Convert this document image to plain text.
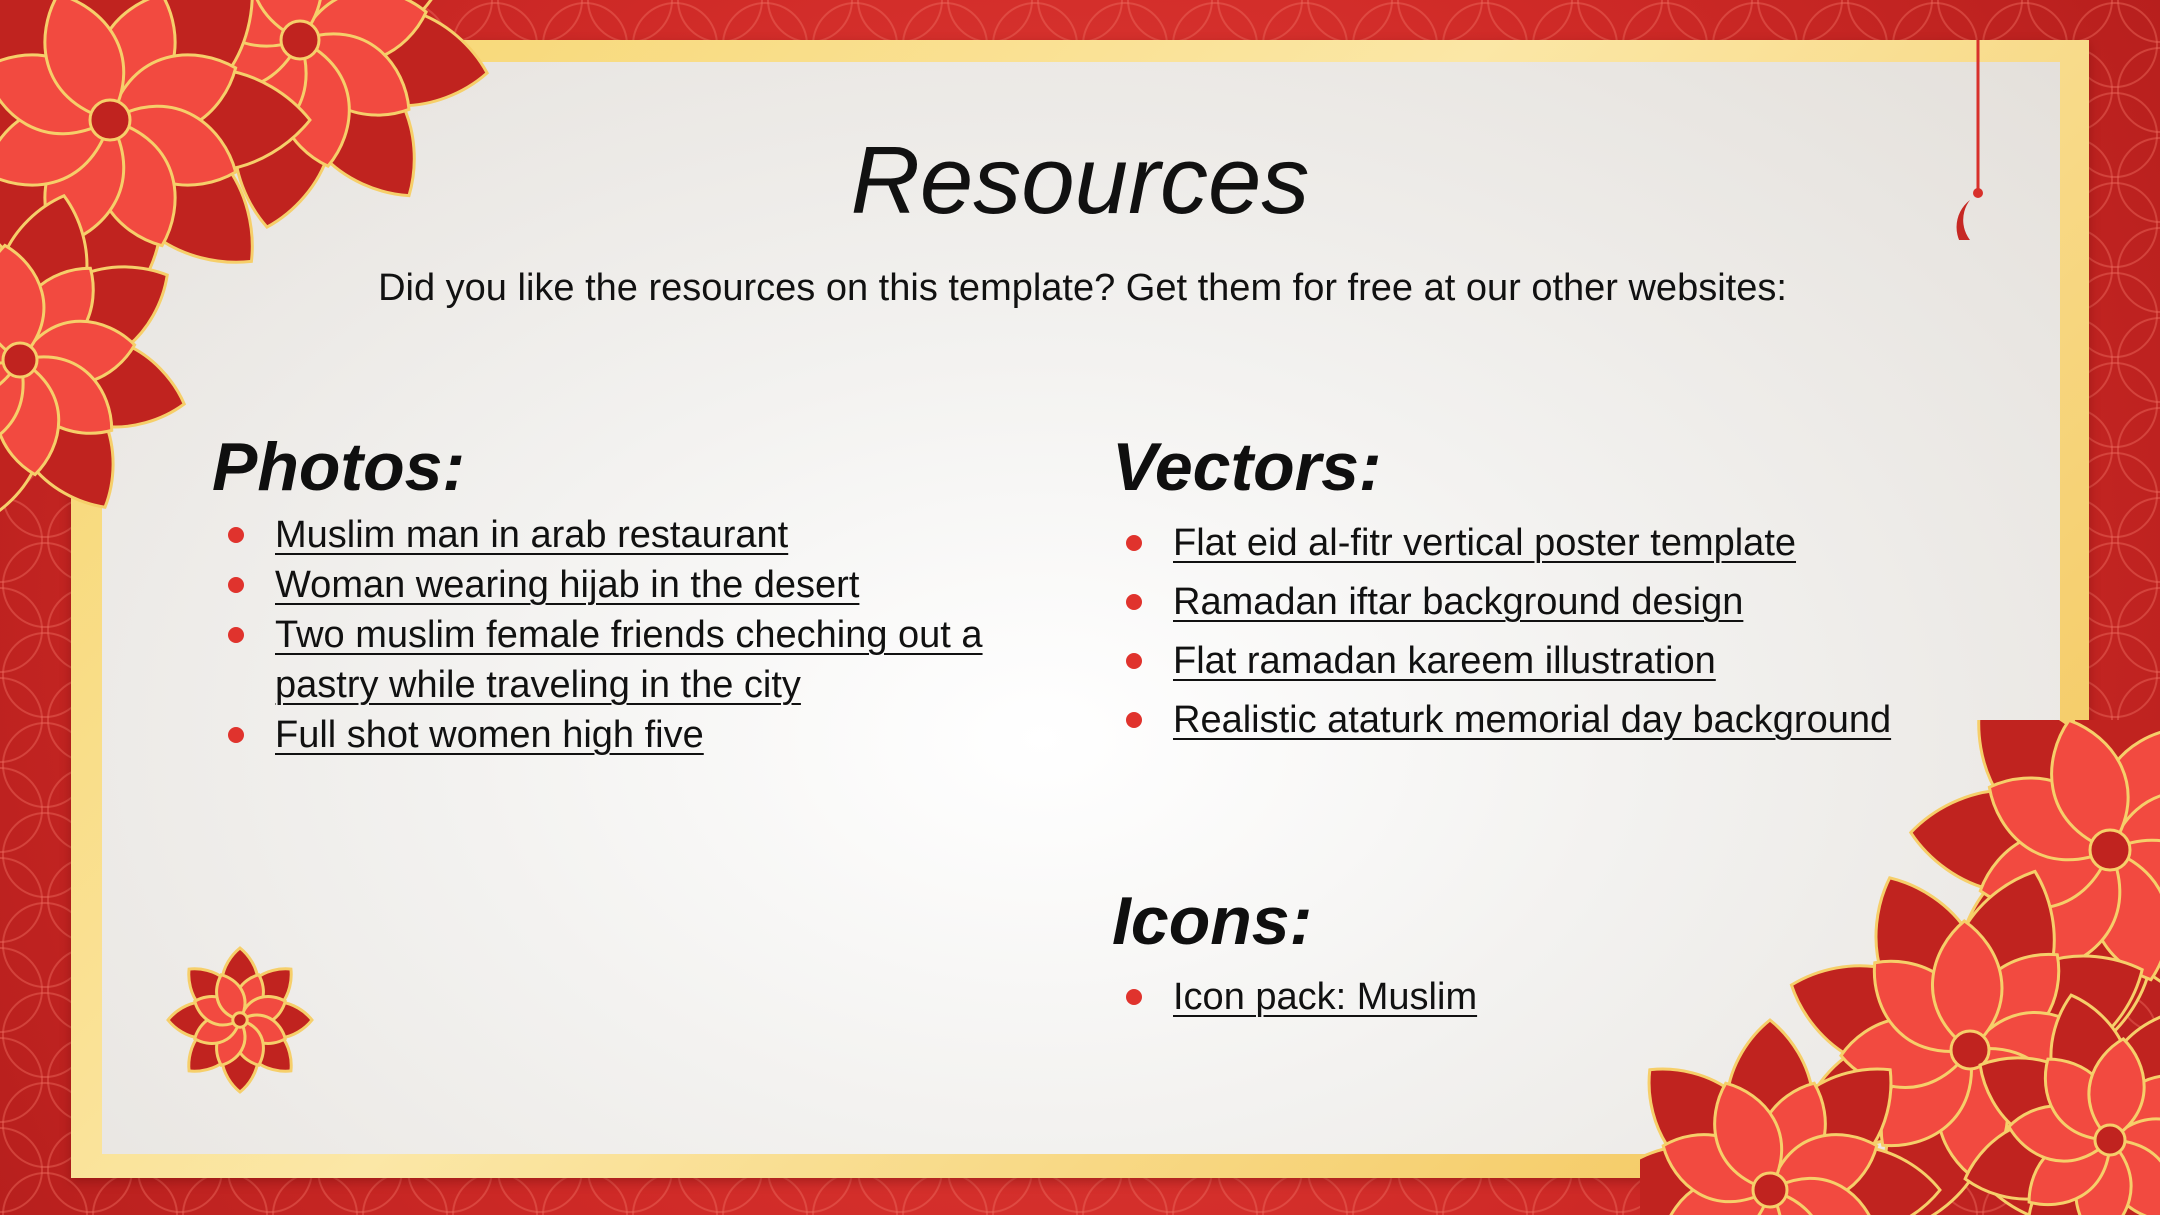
Resources
Did you like the resources on this template? Get them for free at our other websites:
Photos:
Muslim man in arab restaurant
Woman wearing hijab in the desert
Two muslim female friends cheching out a pastry while traveling in the city
Full shot women high five
Vectors:
Flat eid al-fitr vertical poster template
Ramadan iftar background design
Flat ramadan kareem illustration
Realistic ataturk memorial day background
Icons:
Icon pack: Muslim
